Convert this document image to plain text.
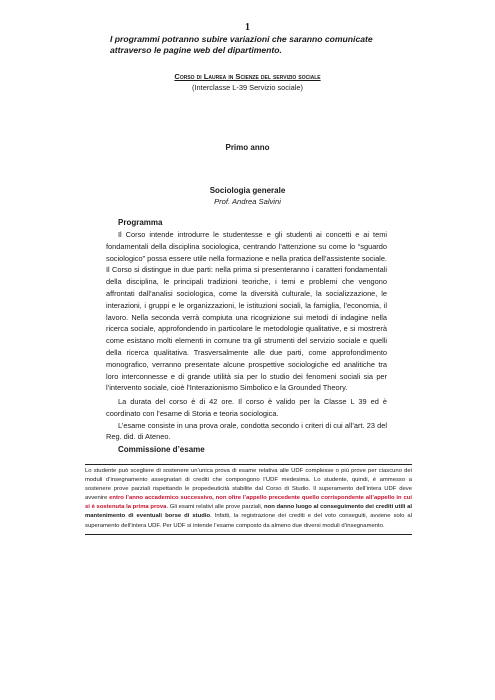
1
I programmi potranno subire variazioni che saranno comunicate attraverso le pagine web del dipartimento.
Corso di Laurea in Scienze del servizio sociale
(Interclasse L-39 Servizio sociale)
Primo anno
Sociologia generale
Prof. Andrea Salvini
Programma

Il Corso intende introdurre le studentesse e gli studenti ai concetti e ai temi fondamentali della disciplina sociologica, centrando l’attenzione su come lo “sguardo sociologico” possa essere utile nella formazione e nella pratica dell’assistente sociale. Il Corso si distingue in due parti: nella prima si presenteranno i caratteri fondamentali della disciplina, le principali tradizioni teoriche, i temi e problemi che vengono affrontati dall’analisi sociologica, come la diversità culturale, la socializzazione, le interazioni, i gruppi e le organizzazioni, le istituzioni sociali, la famiglia, l’economia, il lavoro. Nella seconda verrà compiuta una ricognizione sui metodi di indagine nella ricerca sociale, approfondendo in particolare le metodologie qualitative, e si mostrerà come esistano molti elementi in comune tra gli strumenti del servizio sociale e quelli della ricerca qualitativa. Trasversalmente alle due parti, come approfondimento monografico, verranno presentate alcune prospettive sociologiche ed analitiche tra loro interconnesse e di grande utilità sia per lo studio dei fenomeni sociali sia per l’intervento sociale, cioè l’Interazionismo Simbolico e la Grounded Theory.

La durata del corso è di 42 ore. Il corso è valido per la Classe L 39 ed è coordinato con l’esame di Storia e teoria sociologica.

L’esame consiste in una prova orale, condotta secondo i criteri di cui all’art. 23 del Reg. did. di Ateneo.

Commissione d’esame
Lo studente può scegliere di sostenere un’unica prova di esame relativa alle UDF complesse o più prove per ciascuno dei moduli d’insegnamento assegnatari di crediti che compongono l’UDF medesima. Lo studente, quindi, è ammesso a sostenere prove parziali rispettando le propedeuticità stabilite dal Corso di Studio. Il superamento dell’intera UDF deve avvenire entro l’anno accademico successivo, non oltre l’appello precedente quello corrispondente all’appello in cui si è sostenuta la prima prova. Gli esami relativi alle prove parziali, non danno luogo al conseguimento dei crediti utili al mantenimento di eventuali borse di studio. Infatti, la registrazione dei crediti e del voto conseguiti, avviene solo al superamento dell’intera UDF. Per UDF si intende l’esame composto da almeno due diversi moduli d’insegnamento.
